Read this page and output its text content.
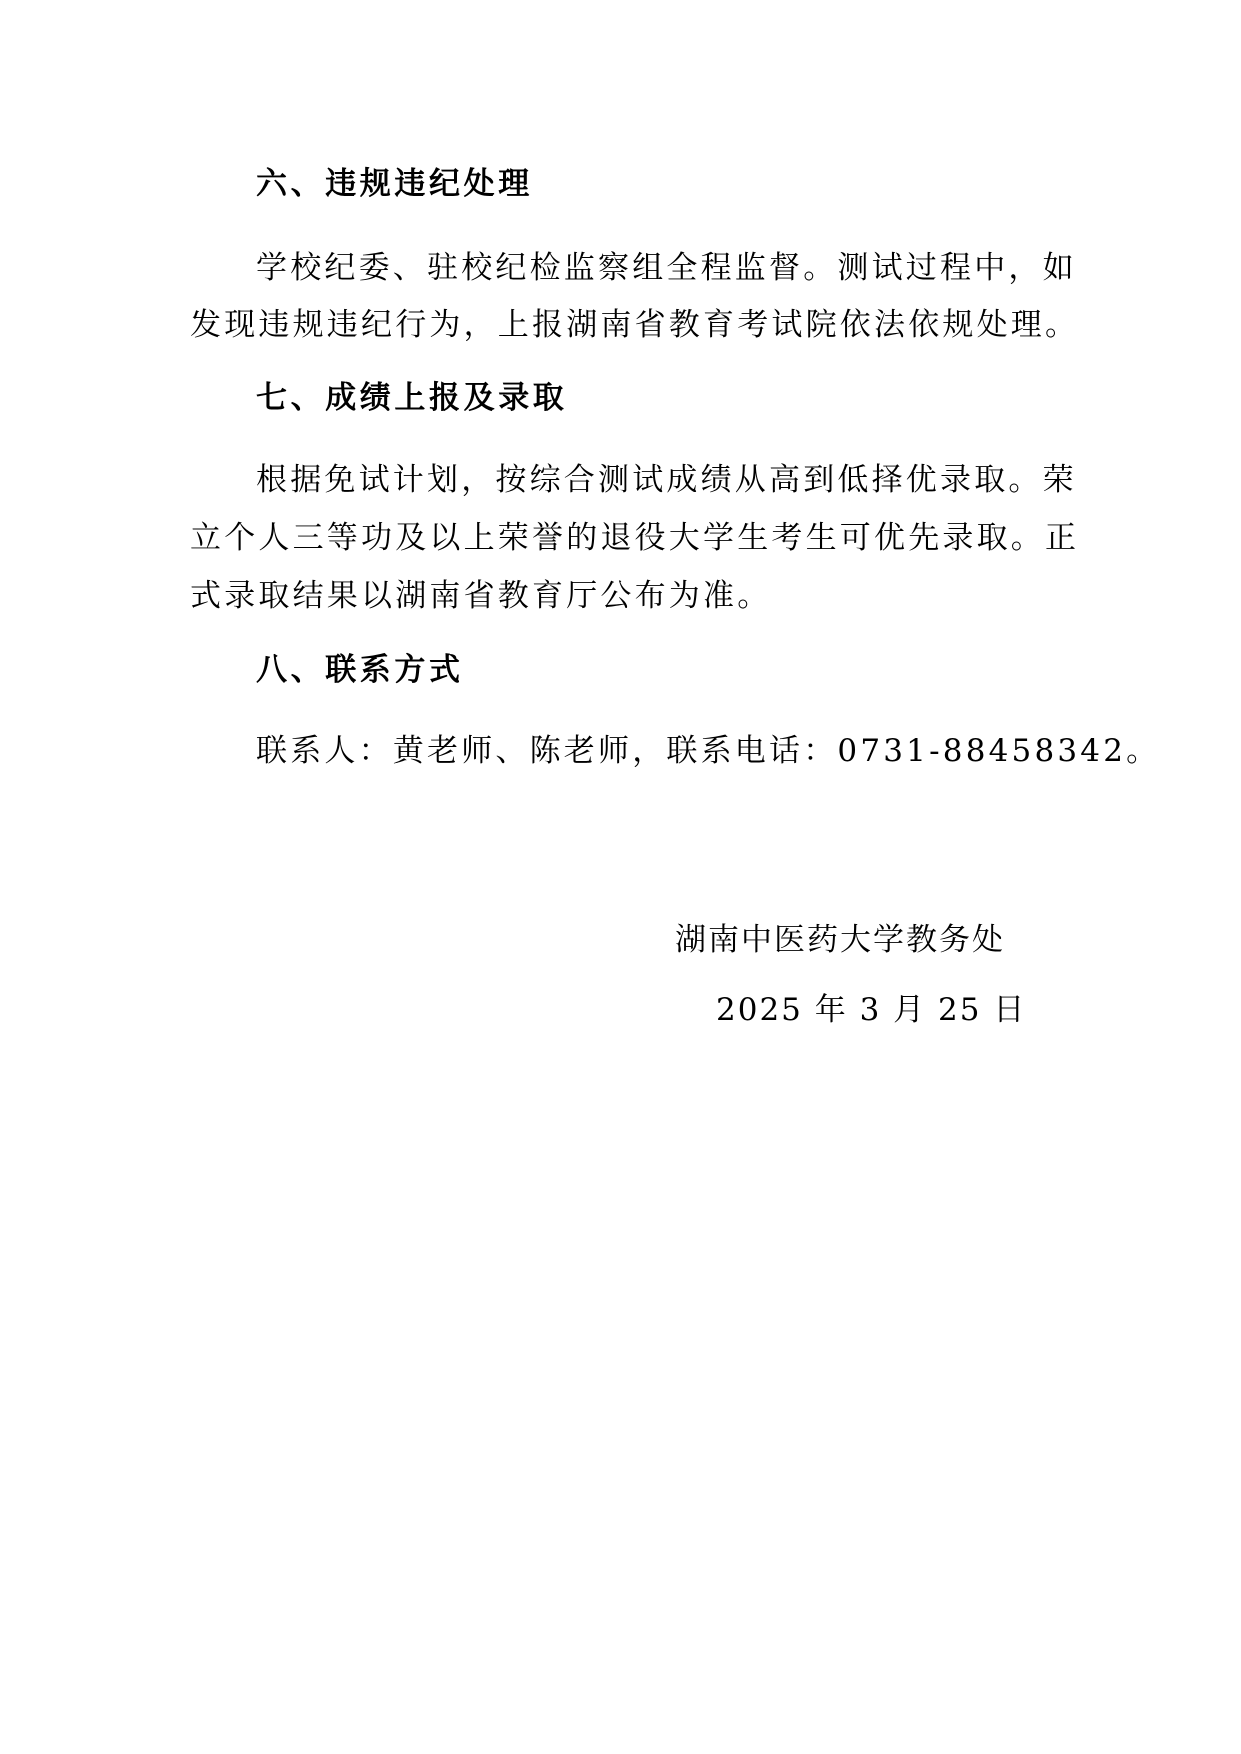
六、违规违纪处理
学校纪委、驻校纪检监察组全程监督。测试过程中，如
发现违规违纪行为，上报湖南省教育考试院依法依规处理。
七、成绩上报及录取
根据免试计划，按综合测试成绩从高到低择优录取。荣
立个人三等功及以上荣誉的退役大学生考生可优先录取。正
式录取结果以湖南省教育厅公布为准。
八、联系方式
联系人：黄老师、陈老师，联系电话：0731-88458342。
湖南中医药大学教务处
2025 年 3 月 25 日
